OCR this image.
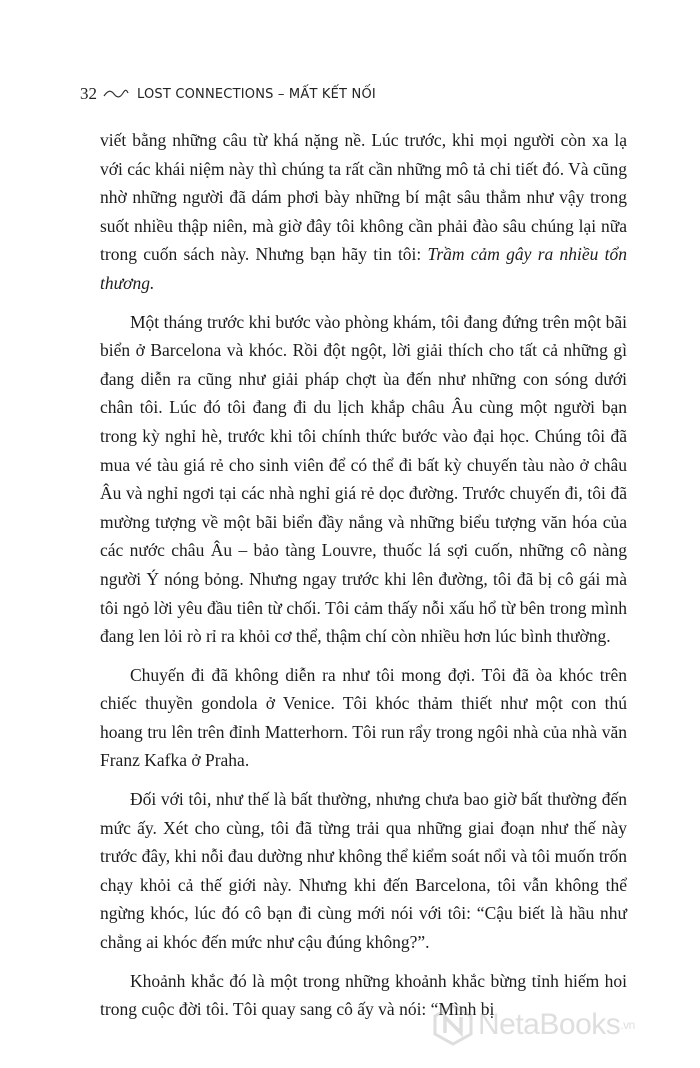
32	LOST CONNECTIONS – MẤT KẾT NỐI

viết bằng những câu từ khá nặng nề. Lúc trước, khi mọi người còn xa lạ với các khái niệm này thì chúng ta rất cần những mô tả chi tiết đó. Và cũng nhờ những người đã dám phơi bày những bí mật sâu thẳm như vậy trong suốt nhiều thập niên, mà giờ đây tôi không cần phải đào sâu chúng lại nữa trong cuốn sách này. Nhưng bạn hãy tin tôi: Trầm cảm gây ra nhiều tổn thương.

Một tháng trước khi bước vào phòng khám, tôi đang đứng trên một bãi biển ở Barcelona và khóc. Rồi đột ngột, lời giải thích cho tất cả những gì đang diễn ra cũng như giải pháp chợt ùa đến như những con sóng dưới chân tôi. Lúc đó tôi đang đi du lịch khắp châu Âu cùng một người bạn trong kỳ nghỉ hè, trước khi tôi chính thức bước vào đại học. Chúng tôi đã mua vé tàu giá rẻ cho sinh viên để có thể đi bất kỳ chuyến tàu nào ở châu Âu và nghỉ ngơi tại các nhà nghỉ giá rẻ dọc đường. Trước chuyến đi, tôi đã mường tượng về một bãi biển đầy nắng và những biểu tượng văn hóa của các nước châu Âu – bảo tàng Louvre, thuốc lá sợi cuốn, những cô nàng người Ý nóng bỏng. Nhưng ngay trước khi lên đường, tôi đã bị cô gái mà tôi ngỏ lời yêu đầu tiên từ chối. Tôi cảm thấy nỗi xấu hổ từ bên trong mình đang len lỏi rò rỉ ra khỏi cơ thể, thậm chí còn nhiều hơn lúc bình thường.

Chuyến đi đã không diễn ra như tôi mong đợi. Tôi đã òa khóc trên chiếc thuyền gondola ở Venice. Tôi khóc thảm thiết như một con thú hoang tru lên trên đỉnh Matterhorn. Tôi run rẩy trong ngôi nhà của nhà văn Franz Kafka ở Praha.

Đối với tôi, như thế là bất thường, nhưng chưa bao giờ bất thường đến mức ấy. Xét cho cùng, tôi đã từng trải qua những giai đoạn như thế này trước đây, khi nỗi đau dường như không thể kiểm soát nổi và tôi muốn trốn chạy khỏi cả thế giới này. Nhưng khi đến Barcelona, tôi vẫn không thể ngừng khóc, lúc đó cô bạn đi cùng mới nói với tôi: “Cậu biết là hầu như chẳng ai khóc đến mức như cậu đúng không?”.

Khoảnh khắc đó là một trong những khoảnh khắc bừng tỉnh hiếm hoi trong cuộc đời tôi. Tôi quay sang cô ấy và nói: “Mình bị

NetaBooks .vn
